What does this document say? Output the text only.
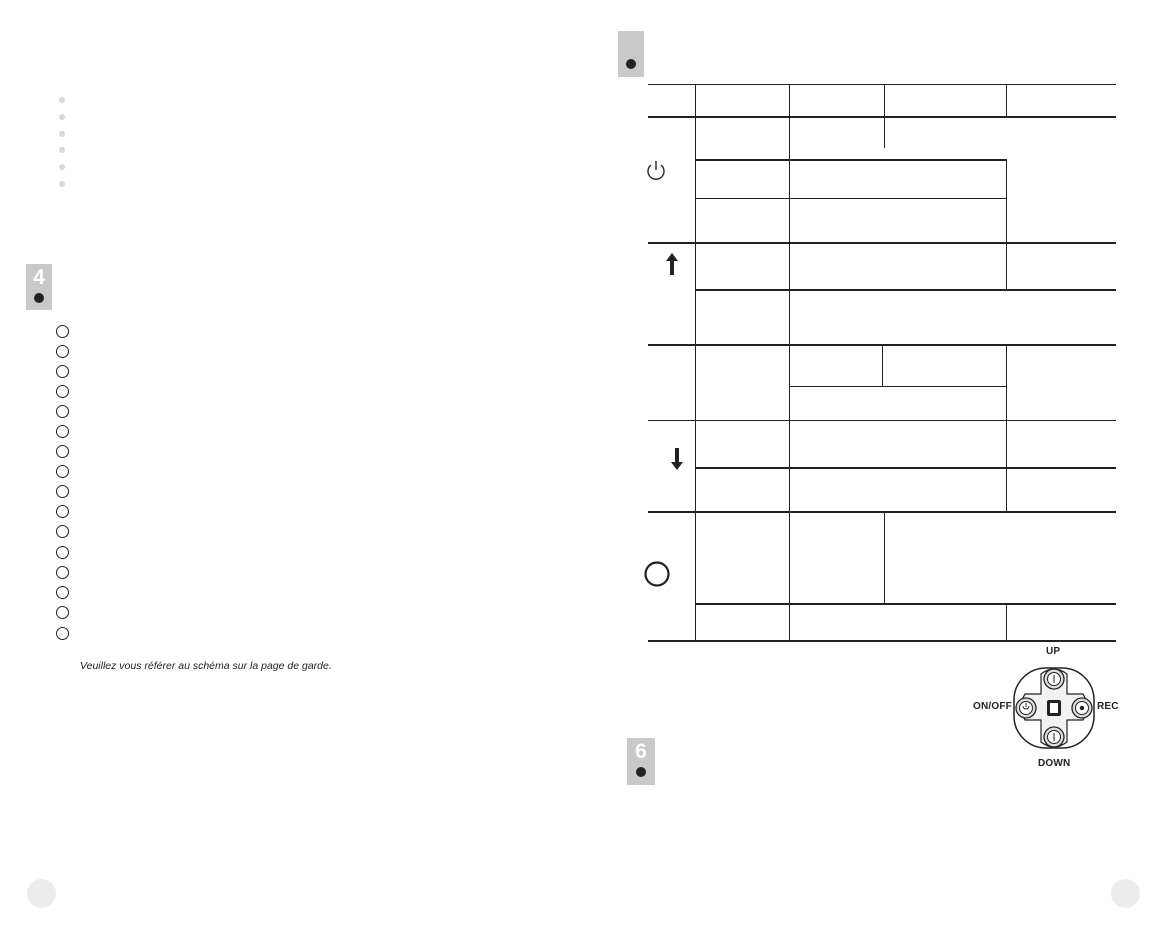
4
Veuillez vous référer au schéma sur la page de garde.
UP
ON/OFF	REC
DOWN
6
